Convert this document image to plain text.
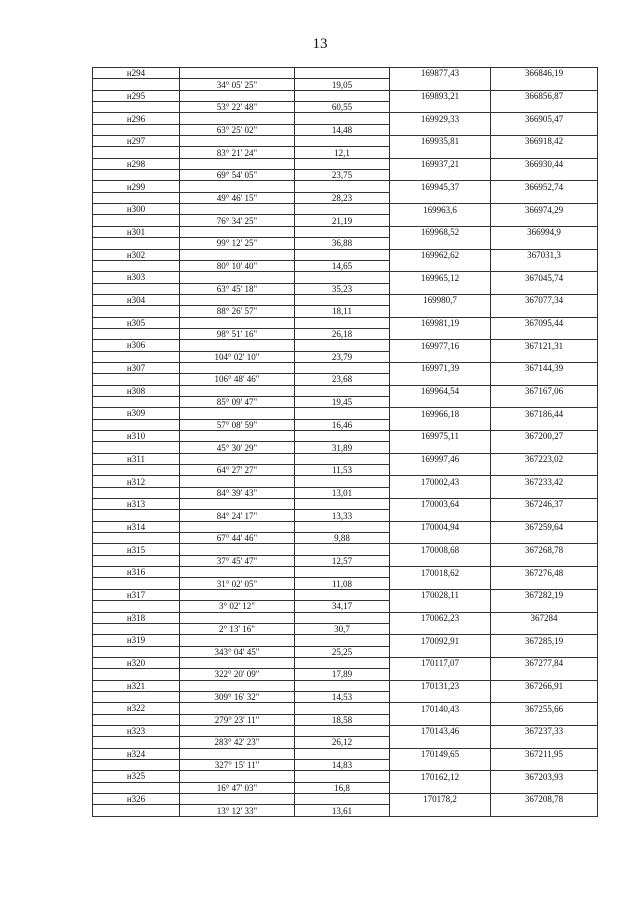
13
н294			169877,43	366846,19
	34° 05' 25"	19,05		
н295			169893,21	366856,87
	53° 22' 48"	60,55		
н296			169929,33	366905,47
	63° 25' 02"	14,48		
н297			169935,81	366918,42
	83° 21' 24"	12,1		
н298			169937,21	366930,44
	69° 54' 05"	23,75		
н299			169945,37	366952,74
	49° 46' 15"	28,23		
н300			169963,6	366974,29
	76° 34' 25"	21,19		
н301			169968,52	366994,9
	99° 12' 25"	36,88		
н302			169962,62	367031,3
	80° 10' 40"	14,65		
н303			169965,12	367045,74
	63° 45' 18"	35,23		
н304			169980,7	367077,34
	88° 26' 57"	18,11		
н305			169981,19	367095,44
	98° 51' 16"	26,18		
н306			169977,16	367121,31
	104° 02' 10"	23,79		
н307			169971,39	367144,39
	106° 48' 46"	23,68		
н308			169964,54	367167,06
	85° 09' 47"	19,45		
н309			169966,18	367186,44
	57° 08' 59"	16,46		
н310			169975,11	367200,27
	45° 30' 29"	31,89		
н311			169997,46	367223,02
	64° 27' 27"	11,53		
н312			170002,43	367233,42
	84° 39' 43"	13,01		
н313			170003,64	367246,37
	84° 24' 17"	13,33		
н314			170004,94	367259,64
	67° 44' 46"	9,88		
н315			170008,68	367268,78
	37° 45' 47"	12,57		
н316			170018,62	367276,48
	31° 02' 05"	11,08		
н317			170028,11	367282,19
	3° 02' 12"	34,17		
н318			170062,23	367284
	2° 13' 16"	30,7		
н319			170092,91	367285,19
	343° 04' 45"	25,25		
н320			170117,07	367277,84
	322° 20' 09"	17,89		
н321			170131,23	367266,91
	309° 16' 32"	14,53		
н322			170140,43	367255,66
	279° 23' 11"	18,58		
н323			170143,46	367237,33
	283° 42' 23"	26,12		
н324			170149,65	367211,95
	327° 15' 11"	14,83		
н325			170162,12	367203,93
	16° 47' 03"	16,8		
н326			170178,2	367208,78
	13° 12' 33"	13,61		
